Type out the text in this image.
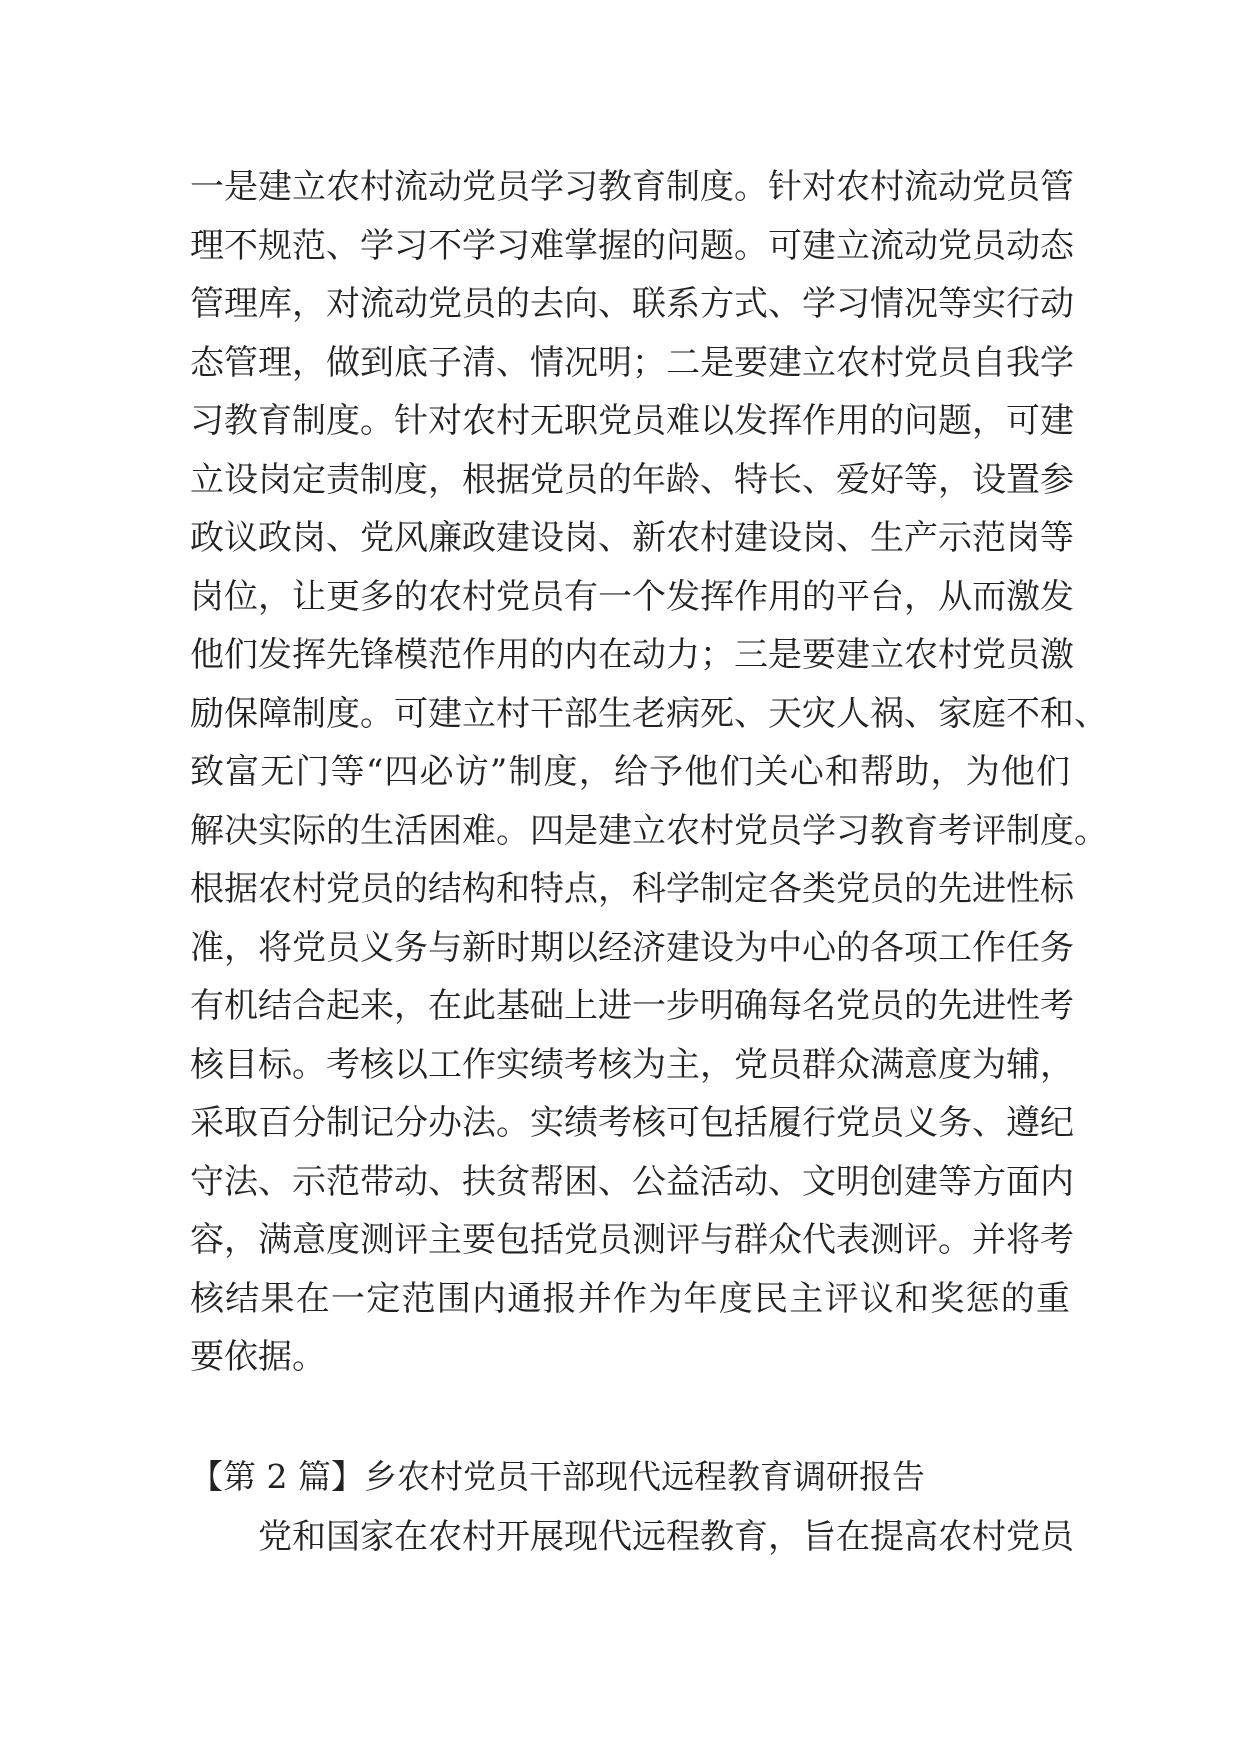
一是建立农村流动党员学习教育制度。针对农村流动党员管
理不规范、学习不学习难掌握的问题。可建立流动党员动态
管理库，对流动党员的去向、联系方式、学习情况等实行动
态管理，做到底子清、情况明；二是要建立农村党员自我学
习教育制度。针对农村无职党员难以发挥作用的问题，可建
立设岗定责制度，根据党员的年龄、特长、爱好等，设置参
政议政岗、党风廉政建设岗、新农村建设岗、生产示范岗等
岗位，让更多的农村党员有一个发挥作用的平台，从而激发
他们发挥先锋模范作用的内在动力；三是要建立农村党员激
励保障制度。可建立村干部生老病死、天灾人祸、家庭不和、
致富无门等“四必访”制度，给予他们关心和帮助，为他们
解决实际的生活困难。四是建立农村党员学习教育考评制度。
根据农村党员的结构和特点，科学制定各类党员的先进性标
准，将党员义务与新时期以经济建设为中心的各项工作任务
有机结合起来，在此基础上进一步明确每名党员的先进性考
核目标。考核以工作实绩考核为主，党员群众满意度为辅，
采取百分制记分办法。实绩考核可包括履行党员义务、遵纪
守法、示范带动、扶贫帮困、公益活动、文明创建等方面内
容，满意度测评主要包括党员测评与群众代表测评。并将考
核结果在一定范围内通报并作为年度民主评议和奖惩的重
要依据。
【第 2 篇】乡农村党员干部现代远程教育调研报告
党和国家在农村开展现代远程教育，旨在提高农村党员
